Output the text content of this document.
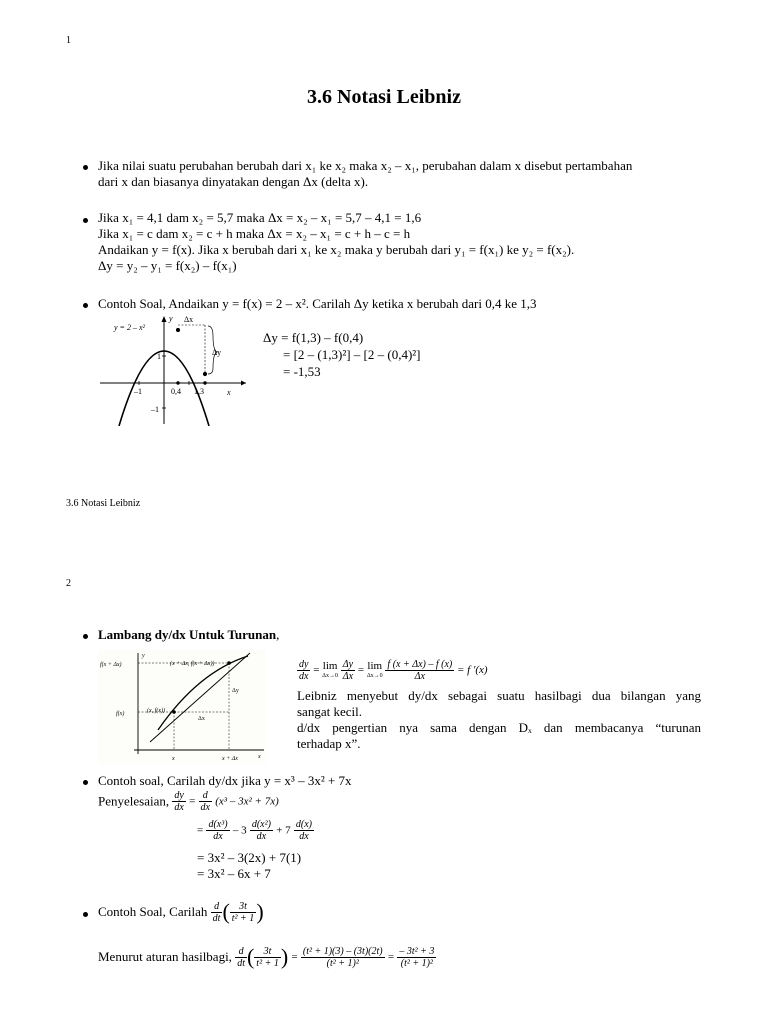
1
3.6 Notasi Leibniz
Jika nilai suatu perubahan berubah dari x₁ ke x₂ maka x₂ – x₁, perubahan dalam x disebut pertambahan
dari x dan biasanya dinyatakan dengan Δx (delta x).
Jika x₁ = 4,1 dam x₂ = 5,7 maka Δx = x₂ – x₁ = 5,7 – 4,1 = 1,6
Jika x₁ = c dam x₂ = c + h maka Δx = x₂ – x₁ = c + h – c = h
Andaikan y = f(x). Jika x berubah dari x₁ ke x₂ maka y berubah dari y₁ = f(x₁) ke y₂ = f(x₂).
Δy = y₂ – y₁ = f(x₂) – f(x₁)
Contoh Soal, Andaikan y = f(x) = 2 – x². Carilah Δy ketika x berubah dari 0,4 ke 1,3
y = 2 – x²
y
x
Δx
Δy
1
–1
–1	0,4 1,3
Δy = f(1,3) – f(0,4)
= [2 – (1,3)²] – [2 – (0,4)²]
= -1,53
3.6 Notasi Leibniz
2
Lambang dy/dx Untuk Turunan,
y
x
f(x + Δx)
f(x)
(x + Δx, f(x + Δx))
(x, f(x))
Δy
Δx
x	x + Δx
$\frac{dy}{dx} = \lim$
Δx→0
$\frac{\Delta y}{\Delta x} = \lim$
Δx→0
$\frac{f (x + \Delta x) - f (x)}{\Delta x} = f$ ′(x)
Leibniz menyebut dy/dx sebagai suatu hasilbagi dua bilangan yang
sangat kecil.
d/dx pengertian nya sama dengan Dₓ dan membacanya “turunan
terhadap x”.
Contoh soal, Carilah dy/dx jika y = x³ – 3x² + 7x
Penyelesaian, $\frac{dy}{dx} = \frac{d}{dx} (x^3 - 3x^2 + 7x)$
= $\frac{\text{d(x³)}}{dx} - 3 \frac{\text{d(x²)}}{dx} + 7 \frac{d(x)}{dx}$
= 3x² – 3(2x) + 7(1)
= 3x² – 6x + 7
Contoh Soal, Carilah $\frac{d}{dt}$ ( $\frac{3t}{\text{t² + 1}}$ )
Menurut aturan hasilbagi, $\frac{d}{dt}$ ( $\frac{3t}{\text{t² + 1}}$ ) = $\frac{\text{(t² + 1)(3) – (3t)(2t)}}{\text{(t² + 1)²}} = \frac{\text{– 3t² + 3}}{\text{(t² + 1)²}}$
